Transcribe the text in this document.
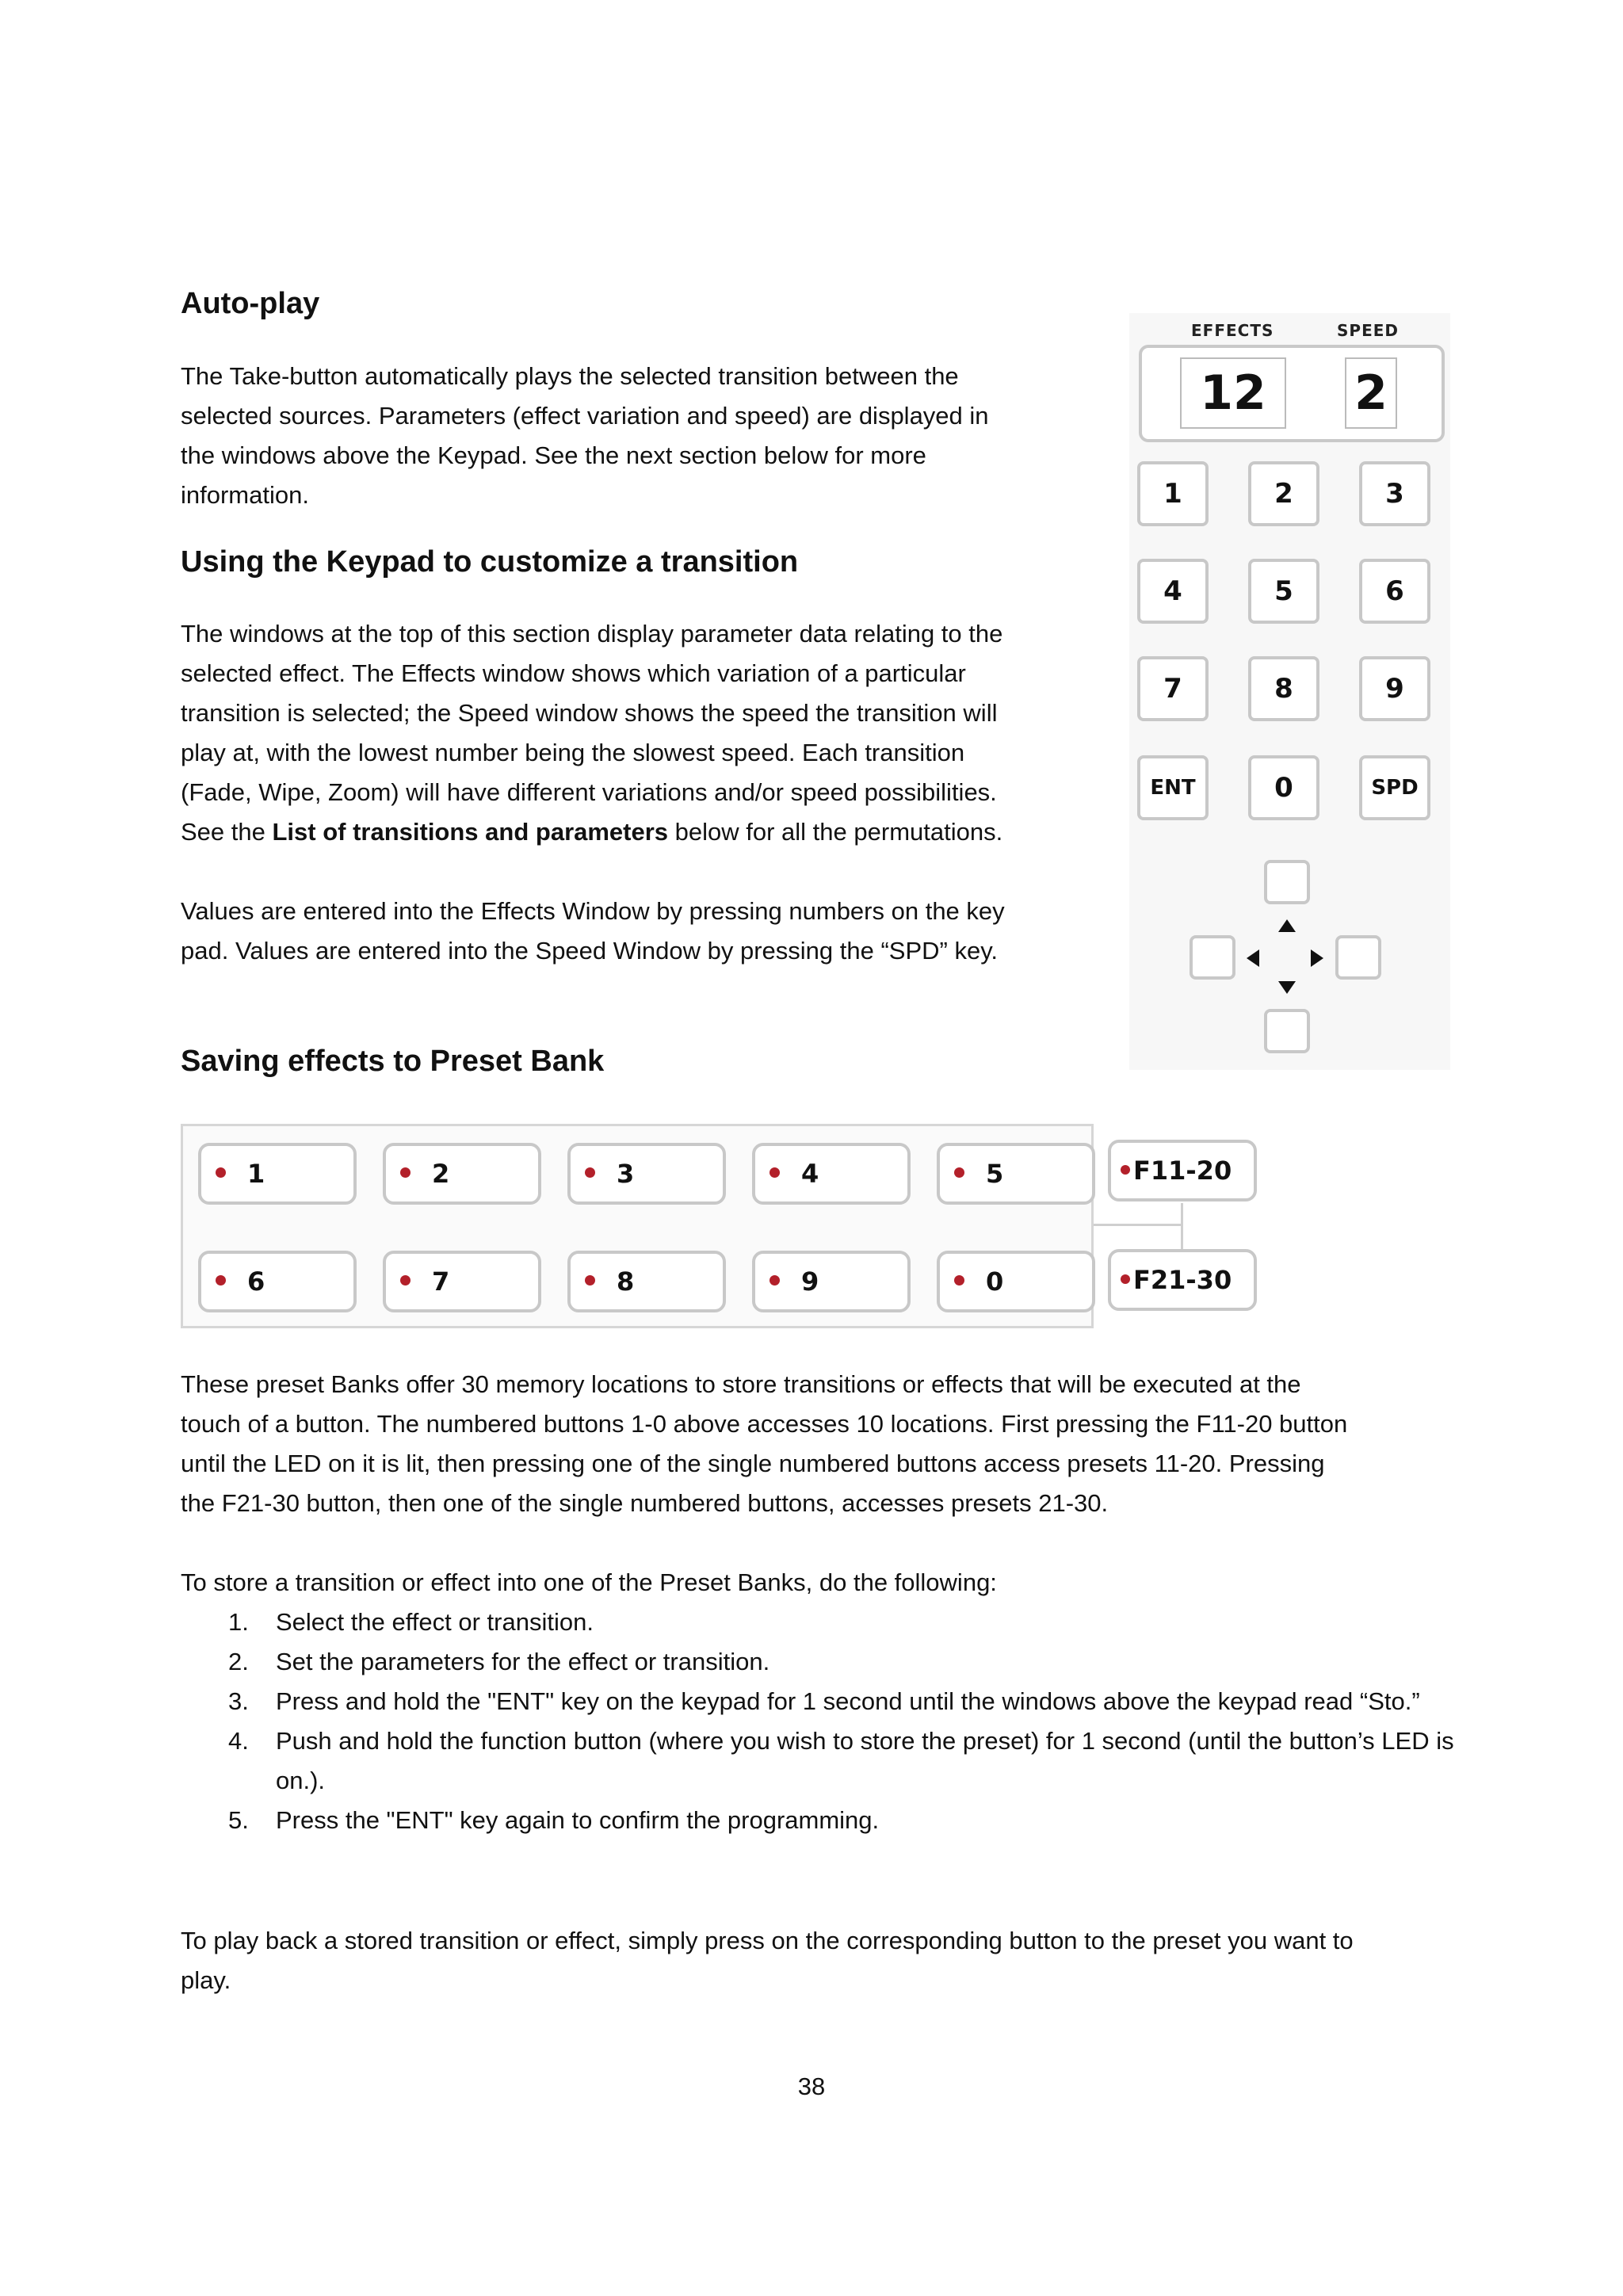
Auto-play

The Take-button automatically plays the selected transition between the

selected sources. Parameters (effect variation and speed) are displayed in

the windows above the Keypad. See the next section below for more

information.

Using the Keypad to customize a transition

The windows at the top of this section display parameter data relating to the

selected effect. The Effects window shows which variation of a particular

transition is selected; the Speed window shows the speed the transition will

play at, with the lowest number being the slowest speed. Each transition

(Fade, Wipe, Zoom) will have different variations and/or speed possibilities.

See the List of transitions and parameters below for all the permutations.

Values are entered into the Effects Window by pressing numbers on the key

pad. Values are entered into the Speed Window by pressing the “SPD” key.

EFFECTS	SPEED
12	2
1	2	3
4	5	6
7	8	9
ENT	0	SPD
Saving effects to Preset Bank
1	2	3	4	5
6	7	8	9	0
F11-20
F21-30

These preset Banks offer 30 memory locations to store transitions or effects that will be executed at the

touch of a button. The numbered buttons 1-0 above accesses 10 locations. First pressing the F11-20 button

until the LED on it is lit, then pressing one of the single numbered buttons access presets 11-20. Pressing

the F21-30 button, then one of the single numbered buttons, accesses presets 21-30.

To store a transition or effect into one of the Preset Banks, do the following:
1. Select the effect or transition.
2. Set the parameters for the effect or transition.
3. Press and hold the "ENT" key on the keypad for 1 second until the windows above the keypad read “Sto.”
4. Push and hold the function button (where you wish to store the preset) for 1 second (until the button’s LED is on.).
5. Press the "ENT" key again to confirm the programming.

To play back a stored transition or effect, simply press on the corresponding button to the preset you want to

play.

38
